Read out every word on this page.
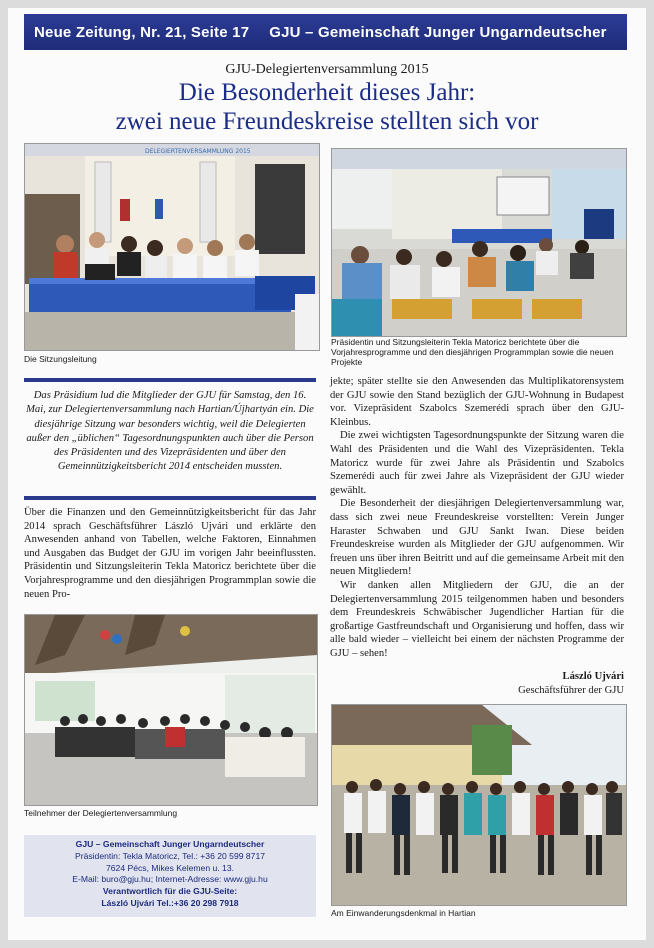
Neue Zeitung, Nr. 21, Seite 17 GJU – Gemeinschaft Junger Ungarndeutscher
GJU-Delegiertenversammlung 2015
Die Besonderheit dieses Jahr:
zwei neue Freundeskreise stellten sich vor
DELEGIERTENVERSAMMLUNG 2015
Die Sitzungsleitung
Präsidentin und Sitzungsleiterin Tekla Matoricz berichtete über die Vorjahresprogramme und den diesjährigen Programmplan sowie die neuen Projekte
Das Präsidium lud die Mitglieder der GJU für Samstag, den 16. Mai, zur Delegiertenversammlung nach Hartian/Újhartyán ein. Die diesjährige Sitzung war besonders wichtig, weil die Delegierten außer den „üblichen“ Tagesordnungspunkten auch über die Person des Präsidenten und des Vizepräsidenten und über den Gemeinnützigkeitsbericht 2014 entscheiden mussten.

Über die Finanzen und den Gemeinnützigkeitsbericht für das Jahr 2014 sprach Geschäftsführer László Ujvári und erklärte den Anwesenden anhand von Tabellen, welche Faktoren, Einnahmen und Ausgaben das Budget der GJU im vorigen Jahr beeinflussten. Präsidentin und Sitzungsleiterin Tekla Matoricz berichtete über die Vorjahresprogramme und den diesjährigen Programmplan sowie die neuen Pro-

jekte; später stellte sie den Anwesenden das Multiplikatorensystem der GJU sowie den Stand bezüglich der GJU-Wohnung in Budapest vor. Vizepräsident Szabolcs Szemerédi sprach über den GJU-Kleinbus.

Die zwei wichtigsten Tagesordnungspunkte der Sitzung waren die Wahl des Präsidenten und die Wahl des Vizepräsidenten. Tekla Matoricz wurde für zwei Jahre als Präsidentin und Szabolcs Szemerédi auch für zwei Jahre als Vizepräsident der GJU wieder gewählt.

Die Besonderheit der diesjährigen Delegiertenversammlung war, dass sich zwei neue Freundeskreise vorstellten: Verein Junger Haraster Schwaben und GJU Sankt Iwan. Diese beiden Freundeskreise wurden als Mitglieder der GJU aufgenommen. Wir freuen uns über ihren Beitritt und auf die gemeinsame Arbeit mit den neuen Mitgliedern!

Wir danken allen Mitgliedern der GJU, die an der Delegiertenversammlung 2015 teilgenommen haben und besonders dem Freundeskreis Schwäbischer Jugendlicher Hartian für die großartige Gastfreundschaft und Organisierung und hoffen, dass wir alle bald wieder – vielleicht bei einem der nächsten Programme der GJU – sehen!

László Ujvári
Geschäftsführer der GJU
Teilnehmer der Delegiertenversammlung
GJU – Gemeinschaft Junger Ungarndeutscher
Präsidentin: Tekla Matoricz, Tel.: +36 20 599 8717
7624 Pécs, Mikes Kelemen u. 13.
E-Mail: buro@gju.hu; Internet-Adresse: www.gju.hu
Verantwortlich für die GJU-Seite:
László Ujvári Tel.:+36 20 298 7918
Am Einwanderungsdenkmal in Hartian
